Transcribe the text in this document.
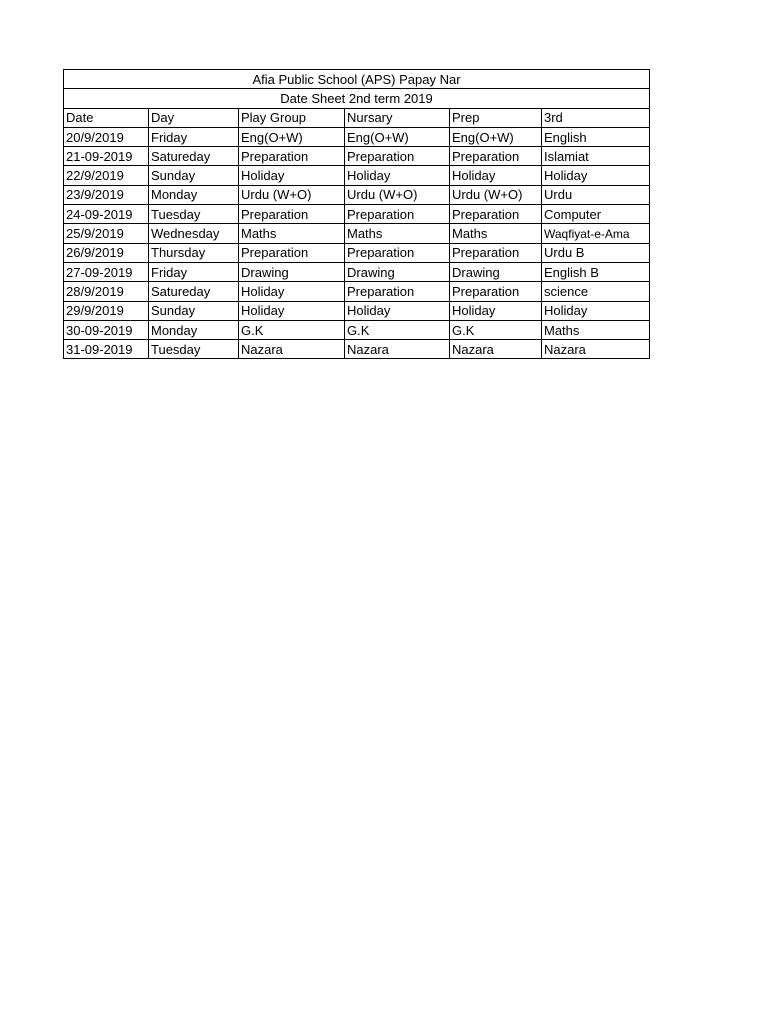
Afia Public School (APS) Papay Nar					
Date Sheet 2nd term 2019					
Date	Day	Play Group	Nursary	Prep	3rd
20/9/2019	Friday	Eng(O+W)	Eng(O+W)	Eng(O+W)	English
21-09-2019	Satureday	Preparation	Preparation	Preparation	Islamiat
22/9/2019	Sunday	Holiday	Holiday	Holiday	Holiday
23/9/2019	Monday	Urdu (W+O)	Urdu (W+O)	Urdu (W+O)	Urdu
24-09-2019	Tuesday	Preparation	Preparation	Preparation	Computer
25/9/2019	Wednesday	Maths	Maths	Maths	Waqfiyat-e-Ama
26/9/2019	Thursday	Preparation	Preparation	Preparation	Urdu B
27-09-2019	Friday	Drawing	Drawing	Drawing	English B
28/9/2019	Satureday	Holiday	Preparation	Preparation	science
29/9/2019	Sunday	Holiday	Holiday	Holiday	Holiday
30-09-2019	Monday	G.K	G.K	G.K	Maths
31-09-2019	Tuesday	Nazara	Nazara	Nazara	Nazara
